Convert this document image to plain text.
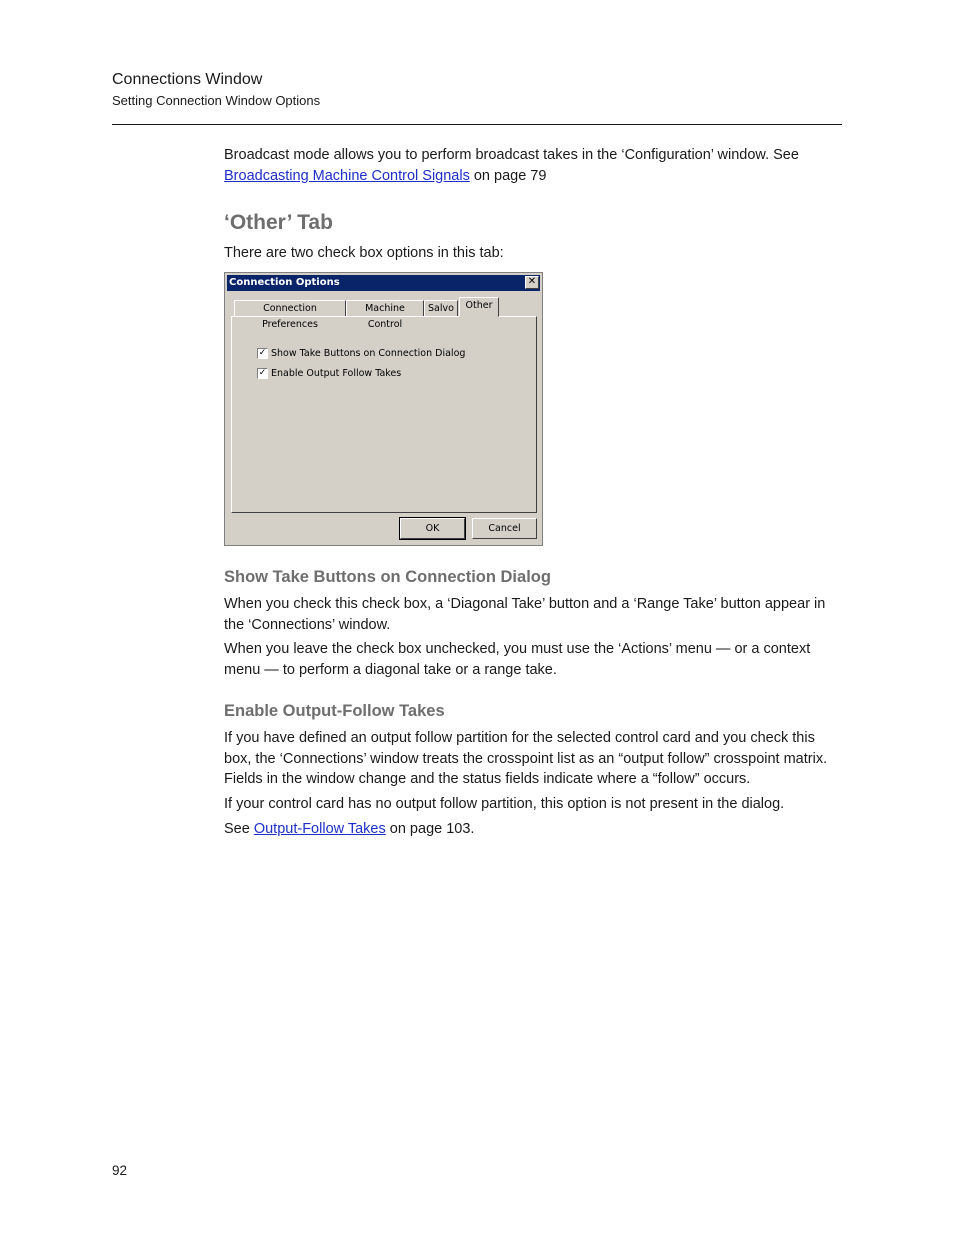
Connections Window
Setting Connection Window Options
Broadcast mode allows you to perform broadcast takes in the ‘Configuration’ window. See
Broadcasting Machine Control Signals on page 79
‘Other’ Tab
There are two check box options in this tab:
Connection Options	✕
Connection Preferences
Machine Control
Salvo	Other
✓ Show Take Buttons on Connection Dialog
✓ Enable Output Follow Takes
OK	Cancel
Show Take Buttons on Connection Dialog
When you check this check box, a ‘Diagonal Take’ button and a ‘Range Take’ button appear in the ‘Connections’ window.
When you leave the check box unchecked, you must use the ‘Actions’ menu — or a context menu — to perform a diagonal take or a range take.
Enable Output-Follow Takes
If you have defined an output follow partition for the selected control card and you check this box, the ‘Connections’ window treats the crosspoint list as an “output follow” crosspoint matrix. Fields in the window change and the status fields indicate where a “follow” occurs.
If your control card has no output follow partition, this option is not present in the dialog.
See Output-Follow Takes on page 103.
92
